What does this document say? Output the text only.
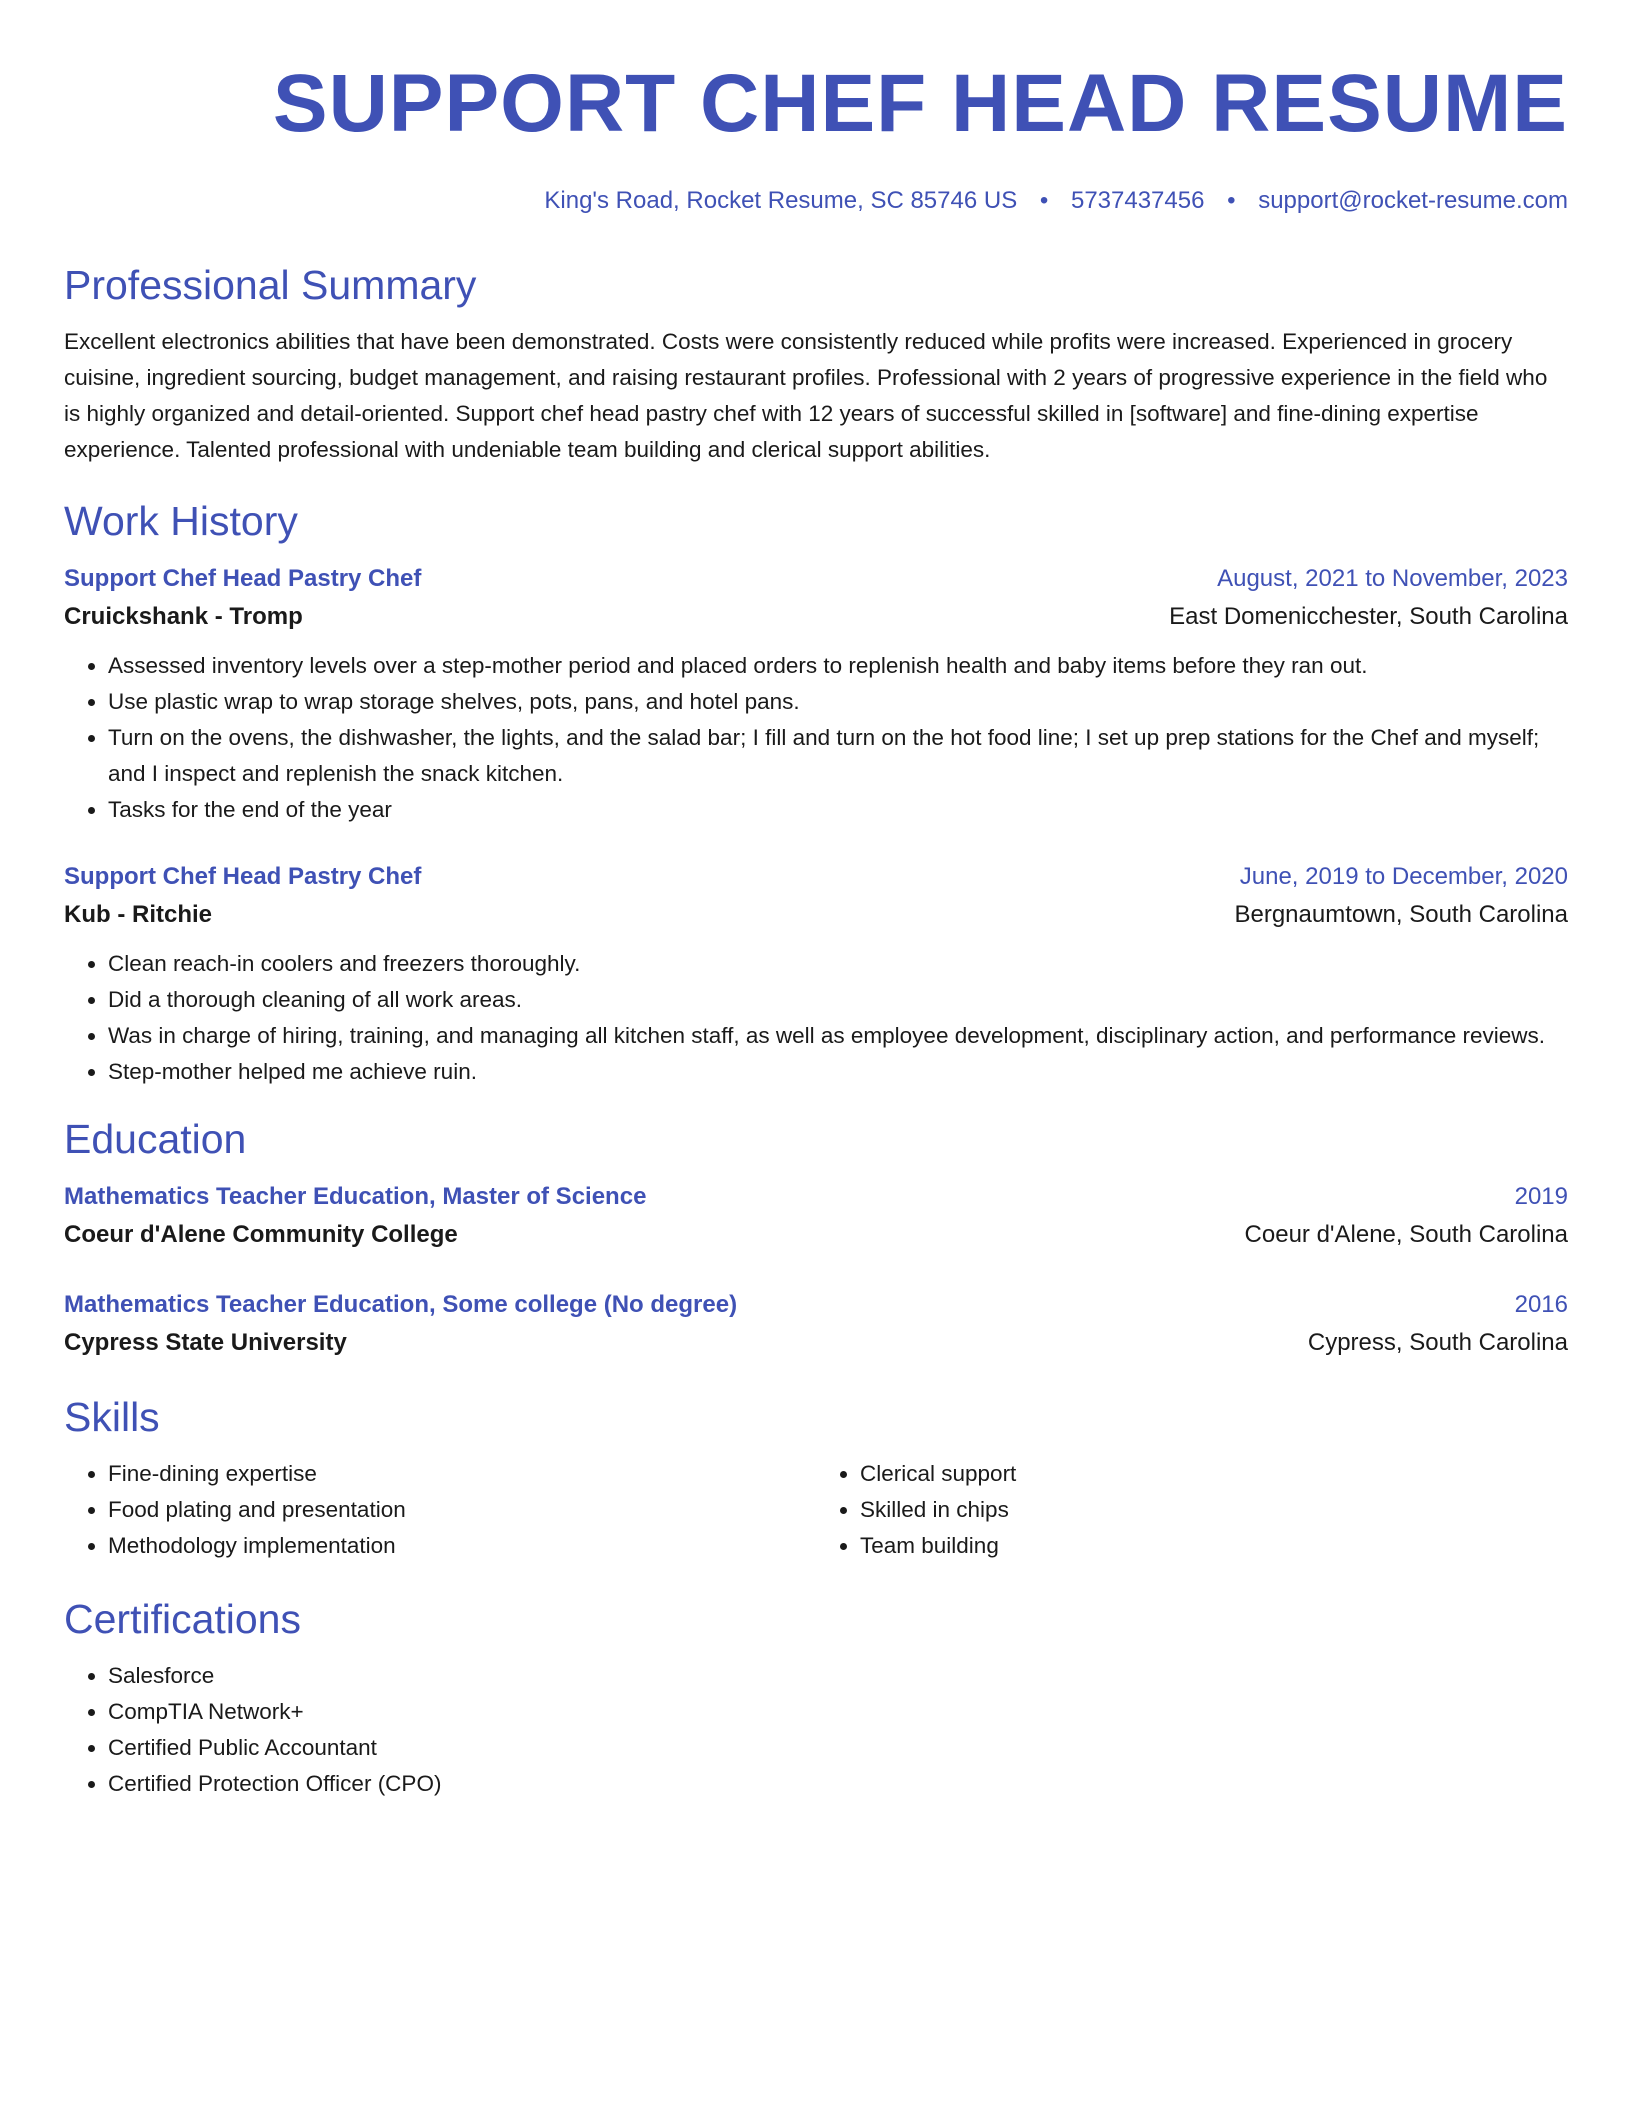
SUPPORT CHEF HEAD RESUME
King's Road, Rocket Resume, SC 85746 US • 5737437456 • support@rocket-resume.com
Professional Summary

Excellent electronics abilities that have been demonstrated. Costs were consistently reduced while profits were increased. Experienced in grocery cuisine, ingredient sourcing, budget management, and raising restaurant profiles. Professional with 2 years of progressive experience in the field who is highly organized and detail-oriented. Support chef head pastry chef with 12 years of successful skilled in [software] and fine-dining expertise experience. Talented professional with undeniable team building and clerical support abilities.

Work History
Support Chef Head Pastry Chef	August, 2021 to November, 2023
Cruickshank - Tromp	East Domenicchester, South Carolina
• Assessed inventory levels over a step-mother period and placed orders to replenish health and baby items before they ran out.
• Use plastic wrap to wrap storage shelves, pots, pans, and hotel pans.
• Turn on the ovens, the dishwasher, the lights, and the salad bar; I fill and turn on the hot food line; I set up prep stations for the Chef and myself; and I inspect and replenish the snack kitchen.
• Tasks for the end of the year
Support Chef Head Pastry Chef	June, 2019 to December, 2020
Kub - Ritchie	Bergnaumtown, South Carolina
• Clean reach-in coolers and freezers thoroughly.
• Did a thorough cleaning of all work areas.
• Was in charge of hiring, training, and managing all kitchen staff, as well as employee development, disciplinary action, and performance reviews.
• Step-mother helped me achieve ruin.
Education
Mathematics Teacher Education, Master of Science	2019
Coeur d'Alene Community College	Coeur d'Alene, South Carolina
Mathematics Teacher Education, Some college (No degree)	2016
Cypress State University	Cypress, South Carolina
Skills
• Fine-dining expertise
• Food plating and presentation
• Methodology implementation
• Clerical support
• Skilled in chips
• Team building
Certifications
• Salesforce
• CompTIA Network+
• Certified Public Accountant
• Certified Protection Officer (CPO)
